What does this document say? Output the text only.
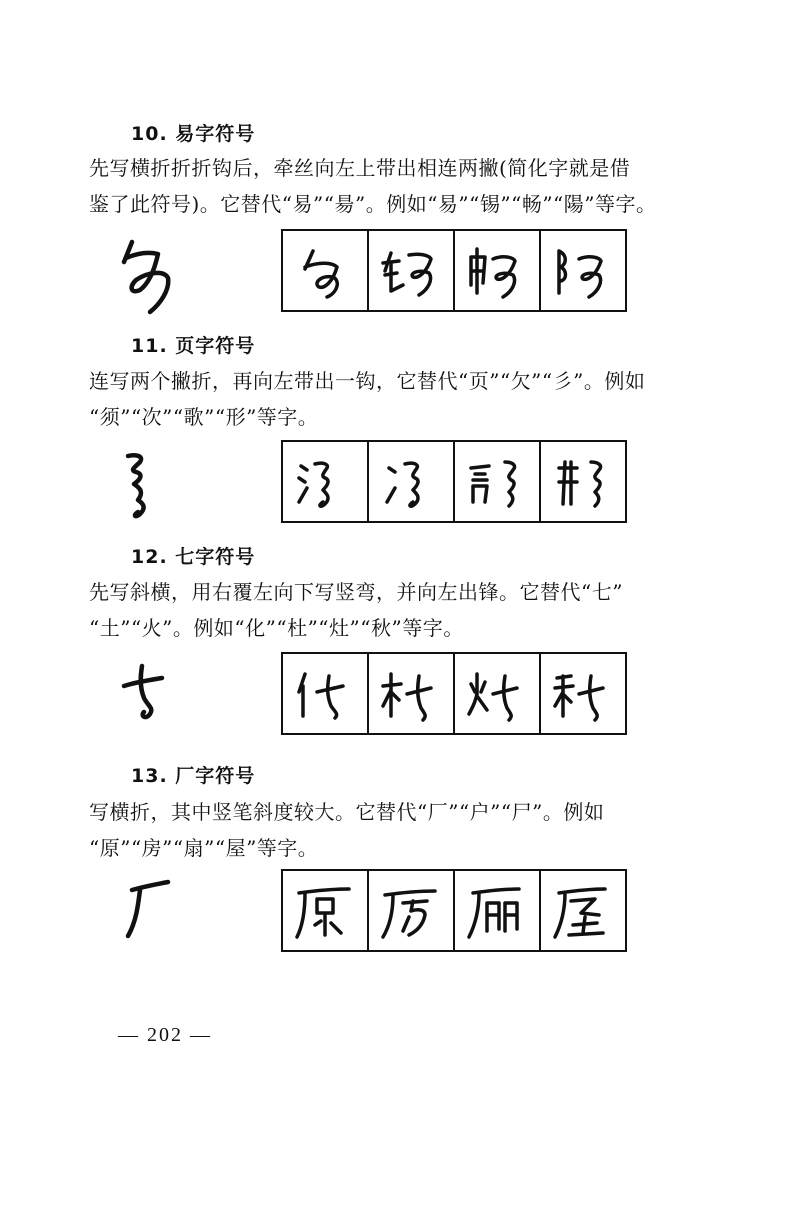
10. 易字符号
先写横折折折钩后，牵丝向左上带出相连两撇(简化字就是借
鉴了此符号)。它替代“易”“昜”。例如“易”“锡”“畅”“陽”等字。
11. 页字符号
连写两个撇折，再向左带出一钩，它替代“页”“欠”“彡”。例如
“须”“次”“歌”“形”等字。
12. 七字符号
先写斜横，用右覆左向下写竖弯，并向左出锋。它替代“七”
“土”“火”。例如“化”“杜”“灶”“秋”等字。
13. 厂字符号
写横折，其中竖笔斜度较大。它替代“厂”“户”“尸”。例如
“原”“房”“扇”“屋”等字。
— 202 —
